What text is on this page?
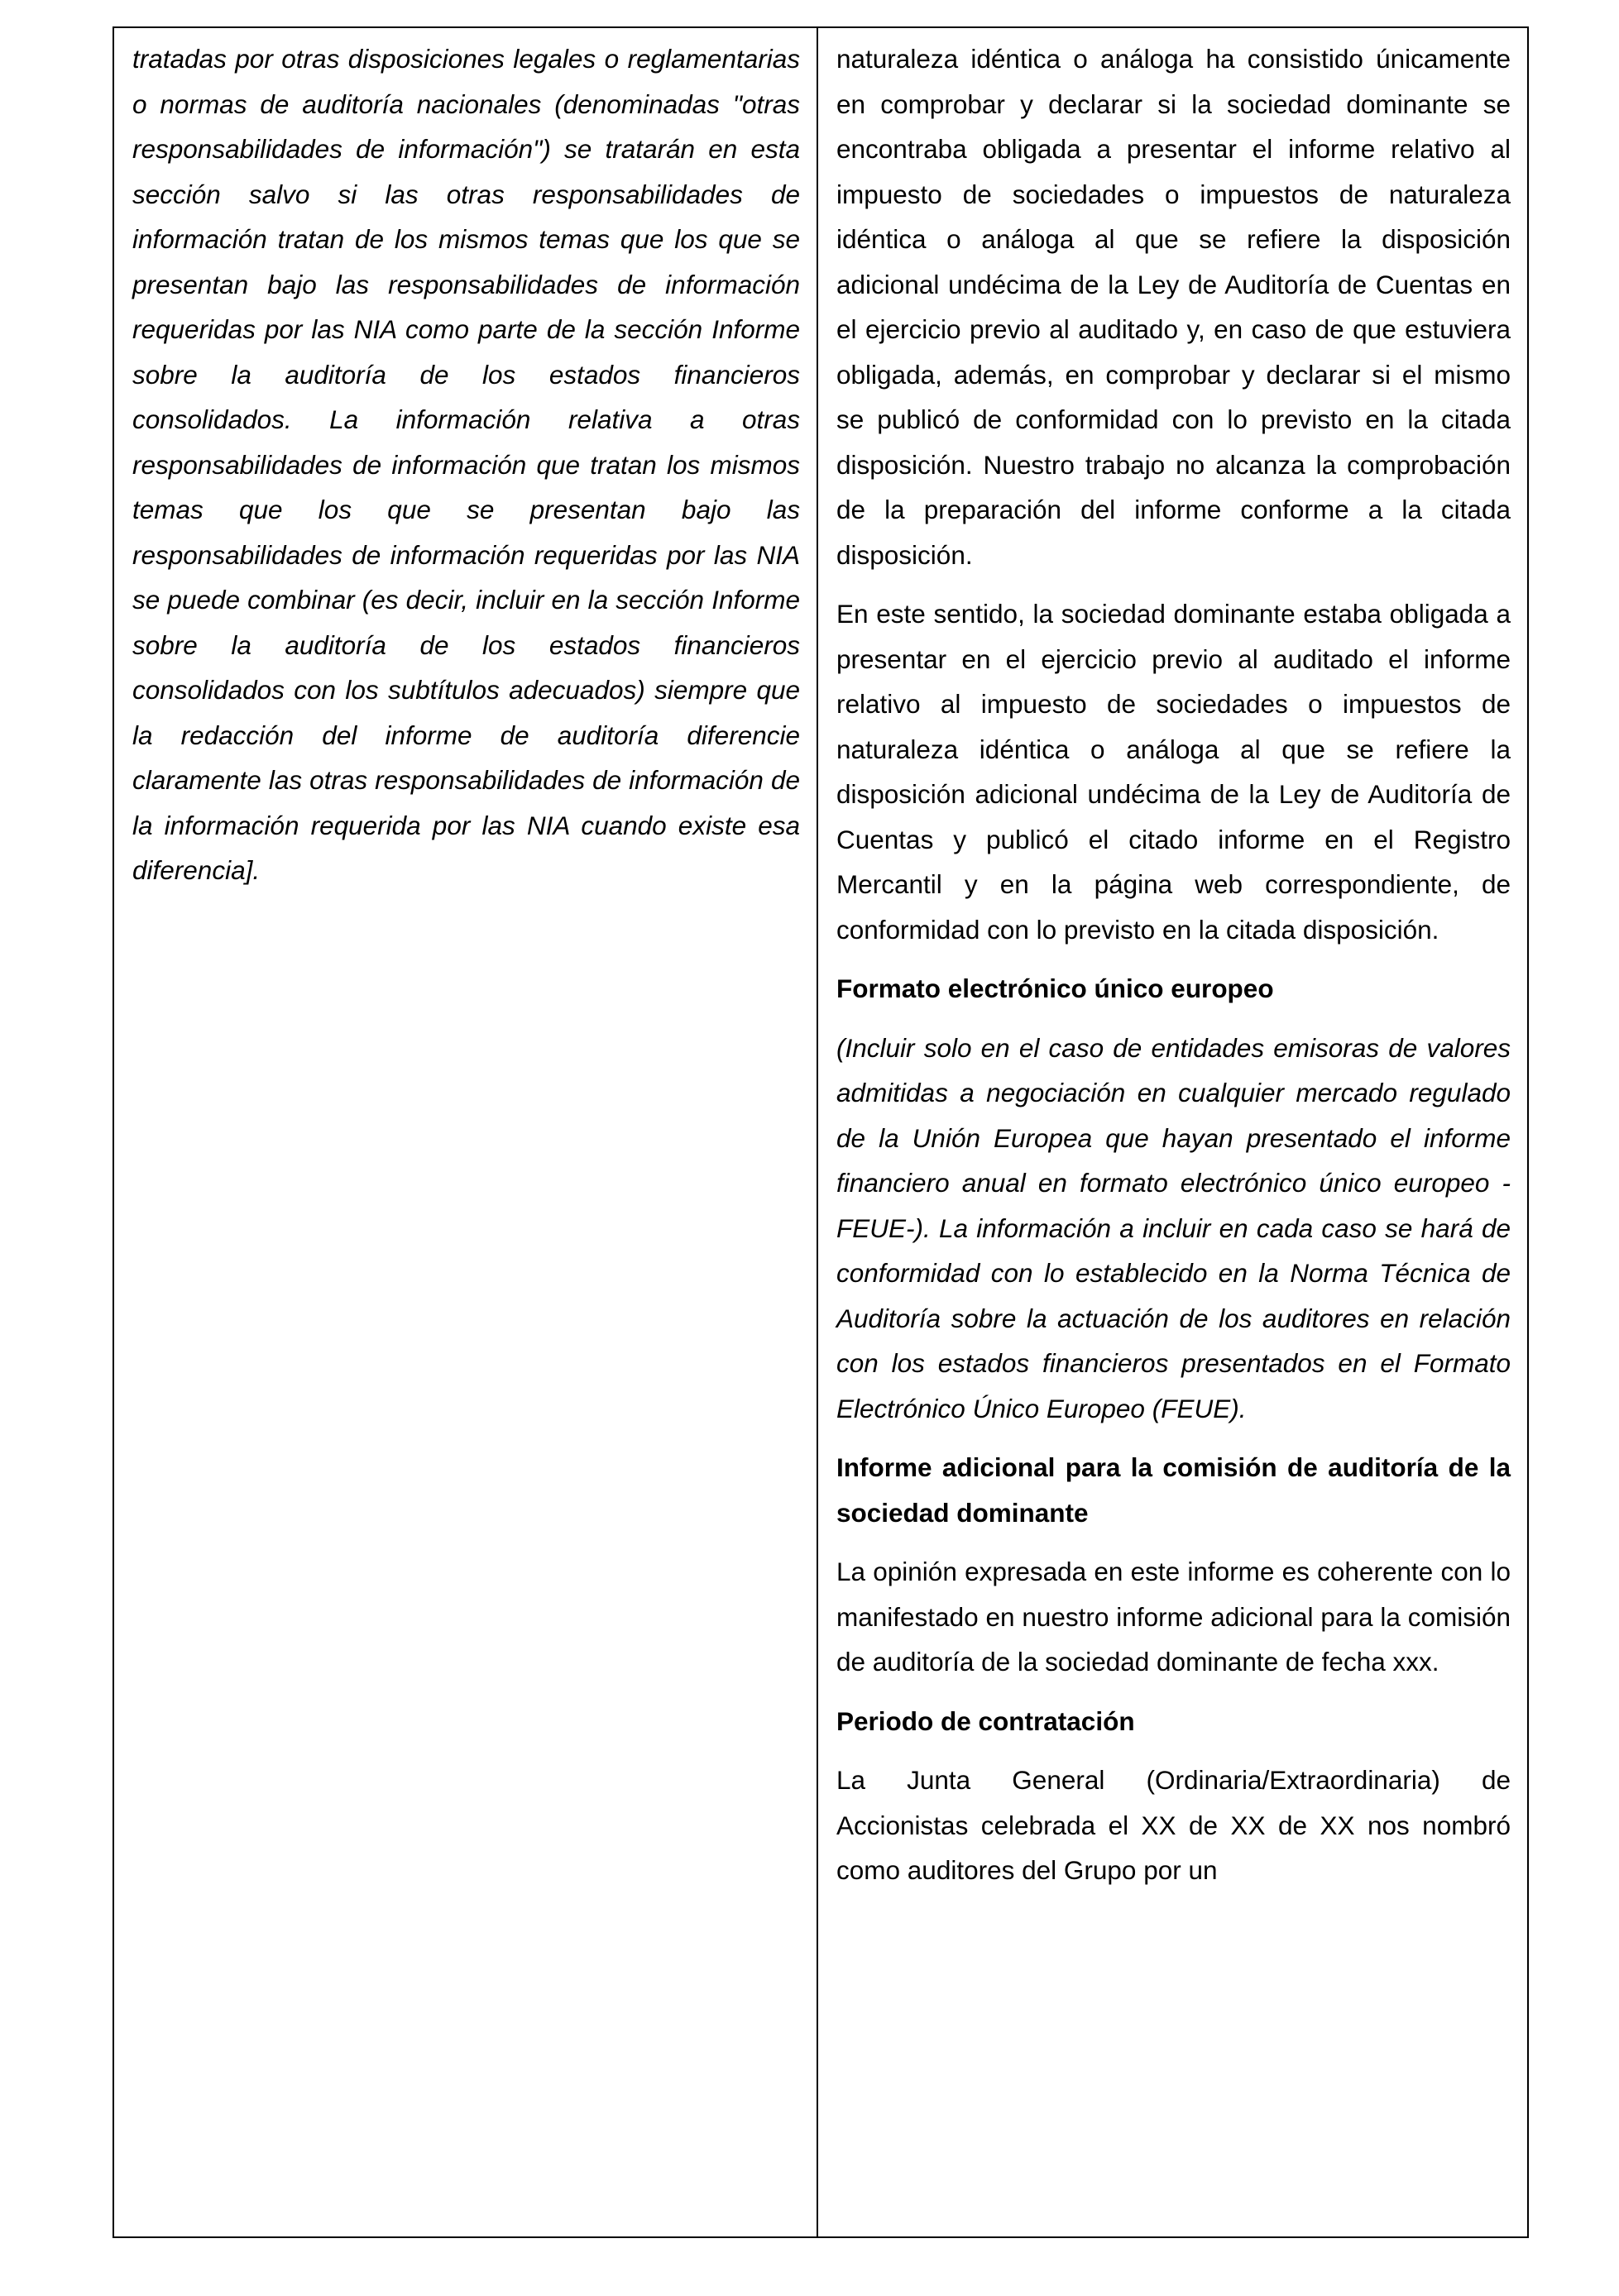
tratadas por otras disposiciones legales o reglamentarias o normas de auditoría nacionales (denominadas "otras responsabilidades de información") se tratarán en esta sección salvo si las otras responsabilidades de información tratan de los mismos temas que los que se presentan bajo las responsabilidades de información requeridas por las NIA como parte de la sección Informe sobre la auditoría de los estados financieros consolidados. La información relativa a otras responsabilidades de información que tratan los mismos temas que los que se presentan bajo las responsabilidades de información requeridas por las NIA se puede combinar (es decir, incluir en la sección Informe sobre la auditoría de los estados financieros consolidados con los subtítulos adecuados) siempre que la redacción del informe de auditoría diferencie claramente las otras responsabilidades de información de la información requerida por las NIA cuando existe esa diferencia].

naturaleza idéntica o análoga ha consistido únicamente en comprobar y declarar si la sociedad dominante se encontraba obligada a presentar el informe relativo al impuesto de sociedades o impuestos de naturaleza idéntica o análoga al que se refiere la disposición adicional undécima de la Ley de Auditoría de Cuentas en el ejercicio previo al auditado y, en caso de que estuviera obligada, además, en comprobar y declarar si el mismo se publicó de conformidad con lo previsto en la citada disposición. Nuestro trabajo no alcanza la comprobación de la preparación del informe conforme a la citada disposición.

En este sentido, la sociedad dominante estaba obligada a presentar en el ejercicio previo al auditado el informe relativo al impuesto de sociedades o impuestos de naturaleza idéntica o análoga al que se refiere la disposición adicional undécima de la Ley de Auditoría de Cuentas y publicó el citado informe en el Registro Mercantil y en la página web correspondiente, de conformidad con lo previsto en la citada disposición.

Formato electrónico único europeo

(Incluir solo en el caso de entidades emisoras de valores admitidas a negociación en cualquier mercado regulado de la Unión Europea que hayan presentado el informe financiero anual en formato electrónico único europeo -FEUE-). La información a incluir en cada caso se hará de conformidad con lo establecido en la Norma Técnica de Auditoría sobre la actuación de los auditores en relación con los estados financieros presentados en el Formato Electrónico Único Europeo (FEUE).

Informe adicional para la comisión de auditoría de la sociedad dominante

La opinión expresada en este informe es coherente con lo manifestado en nuestro informe adicional para la comisión de auditoría de la sociedad dominante de fecha xxx.

Periodo de contratación

La Junta General (Ordinaria/Extraordinaria) de Accionistas celebrada el XX de XX de XX nos nombró como auditores del Grupo por un
